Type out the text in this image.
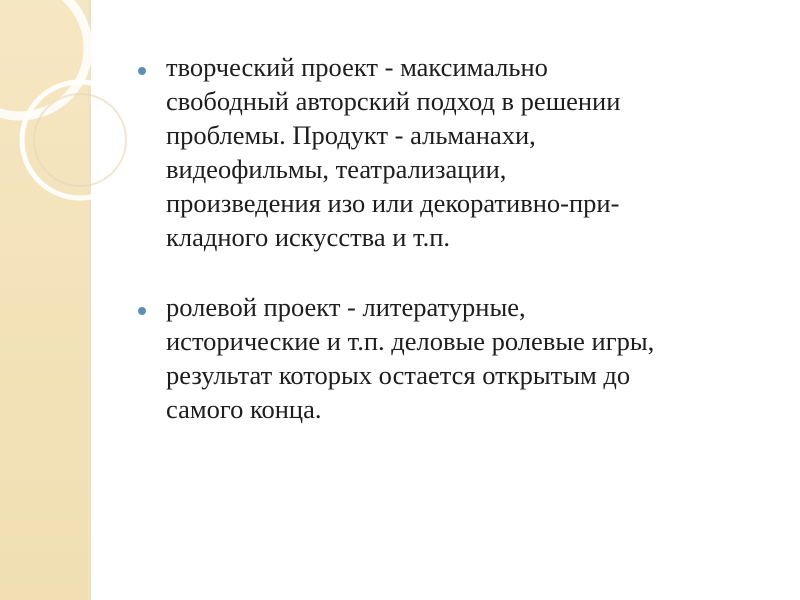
творческий проект - максимально
свободный авторский подход в решении
проблемы. Продукт - альманахи,
видеофильмы, театрализации,
произведения изо или декоративно-при-
кладного искусства и т.п.
ролевой проект - литературные,
исторические и т.п. деловые ролевые игры,
результат которых остается открытым до
самого конца.
